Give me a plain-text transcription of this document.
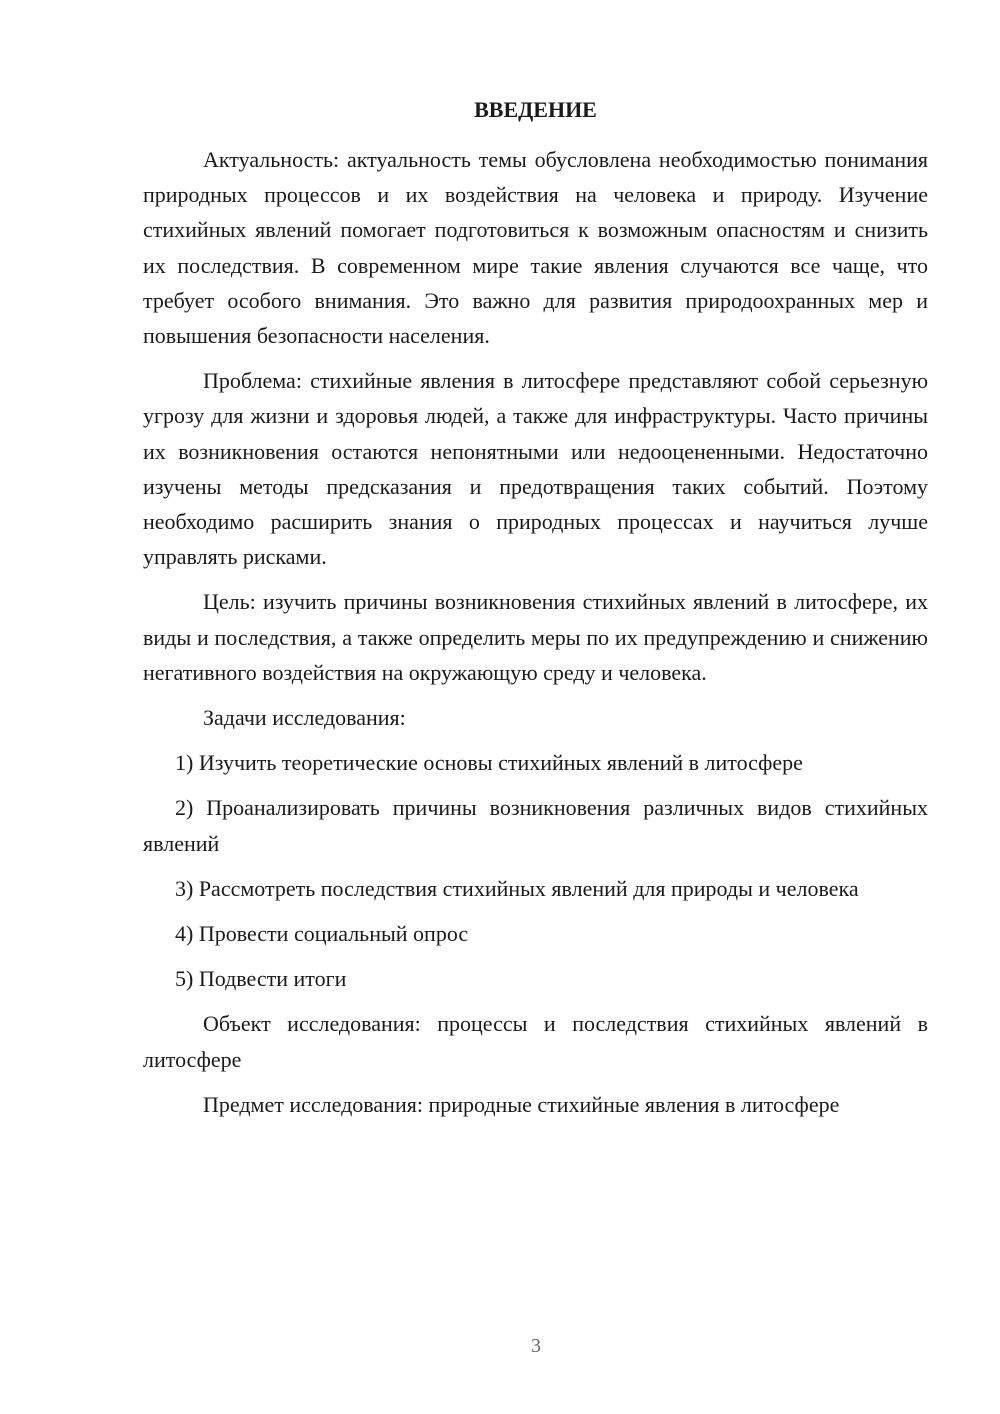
ВВЕДЕНИЕ

Актуальность: актуальность темы обусловлена необходимостью понимания природных процессов и их воздействия на человека и природу. Изучение стихийных явлений помогает подготовиться к возможным опасностям и снизить их последствия. В современном мире такие явления случаются все чаще, что требует особого внимания. Это важно для развития природоохранных мер и повышения безопасности населения.

Проблема: стихийные явления в литосфере представляют собой серьезную угрозу для жизни и здоровья людей, а также для инфраструктуры. Часто причины их возникновения остаются непонятными или недооцененными. Недостаточно изучены методы предсказания и предотвращения таких событий. Поэтому необходимо расширить знания о природных процессах и научиться лучше управлять рисками.

Цель: изучить причины возникновения стихийных явлений в литосфере, их виды и последствия, а также определить меры по их предупреждению и снижению негативного воздействия на окружающую среду и человека.

Задачи исследования:

1) Изучить теоретические основы стихийных явлений в литосфере

2) Проанализировать причины возникновения различных видов стихийных явлений

3) Рассмотреть последствия стихийных явлений для природы и человека

4) Провести социальный опрос

5) Подвести итоги

Объект исследования: процессы и последствия стихийных явлений в литосфере

Предмет исследования: природные стихийные явления в литосфере

3
